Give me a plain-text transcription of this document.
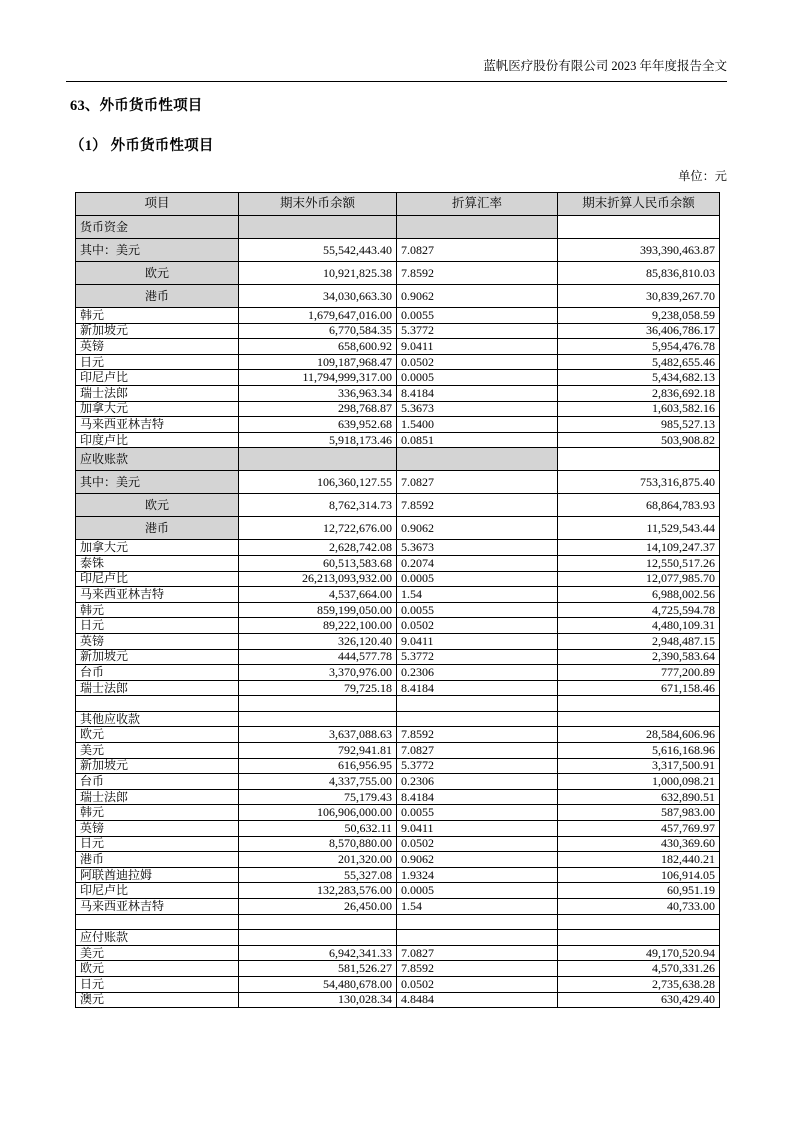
蓝帆医疗股份有限公司 2023 年年度报告全文
63、外币货币性项目
（1） 外币货币性项目
单位：元
项目	期末外币余额	折算汇率	期末折算人民币余额
货币资金			
其中：美元	55,542,443.40	7.0827	393,390,463.87
欧元	10,921,825.38	7.8592	85,836,810.03
港币	34,030,663.30	0.9062	30,839,267.70
韩元	1,679,647,016.00	0.0055	9,238,058.59
新加坡元	6,770,584.35	5.3772	36,406,786.17
英镑	658,600.92	9.0411	5,954,476.78
日元	109,187,968.47	0.0502	5,482,655.46
印尼卢比	11,794,999,317.00	0.0005	5,434,682.13
瑞士法郎	336,963.34	8.4184	2,836,692.18
加拿大元	298,768.87	5.3673	1,603,582.16
马来西亚林吉特	639,952.68	1.5400	985,527.13
印度卢比	5,918,173.46	0.0851	503,908.82
应收账款			
其中：美元	106,360,127.55	7.0827	753,316,875.40
欧元	8,762,314.73	7.8592	68,864,783.93
港币	12,722,676.00	0.9062	11,529,543.44
加拿大元	2,628,742.08	5.3673	14,109,247.37
泰铢	60,513,583.68	0.2074	12,550,517.26
印尼卢比	26,213,093,932.00	0.0005	12,077,985.70
马来西亚林吉特	4,537,664.00	1.54	6,988,002.56
韩元	859,199,050.00	0.0055	4,725,594.78
日元	89,222,100.00	0.0502	4,480,109.31
英镑	326,120.40	9.0411	2,948,487.15
新加坡元	444,577.78	5.3772	2,390,583.64
台币	3,370,976.00	0.2306	777,200.89
瑞士法郎	79,725.18	8.4184	671,158.46

其他应收款			
欧元	3,637,088.63	7.8592	28,584,606.96
美元	792,941.81	7.0827	5,616,168.96
新加坡元	616,956.95	5.3772	3,317,500.91
台币	4,337,755.00	0.2306	1,000,098.21
瑞士法郎	75,179.43	8.4184	632,890.51
韩元	106,906,000.00	0.0055	587,983.00
英镑	50,632.11	9.0411	457,769.97
日元	8,570,880.00	0.0502	430,369.60
港币	201,320.00	0.9062	182,440.21
阿联酋迪拉姆	55,327.08	1.9324	106,914.05
印尼卢比	132,283,576.00	0.0005	60,951.19
马来西亚林吉特	26,450.00	1.54	40,733.00

应付账款			
美元	6,942,341.33	7.0827	49,170,520.94
欧元	581,526.27	7.8592	4,570,331.26
日元	54,480,678.00	0.0502	2,735,638.28
澳元	130,028.34	4.8484	630,429.40
